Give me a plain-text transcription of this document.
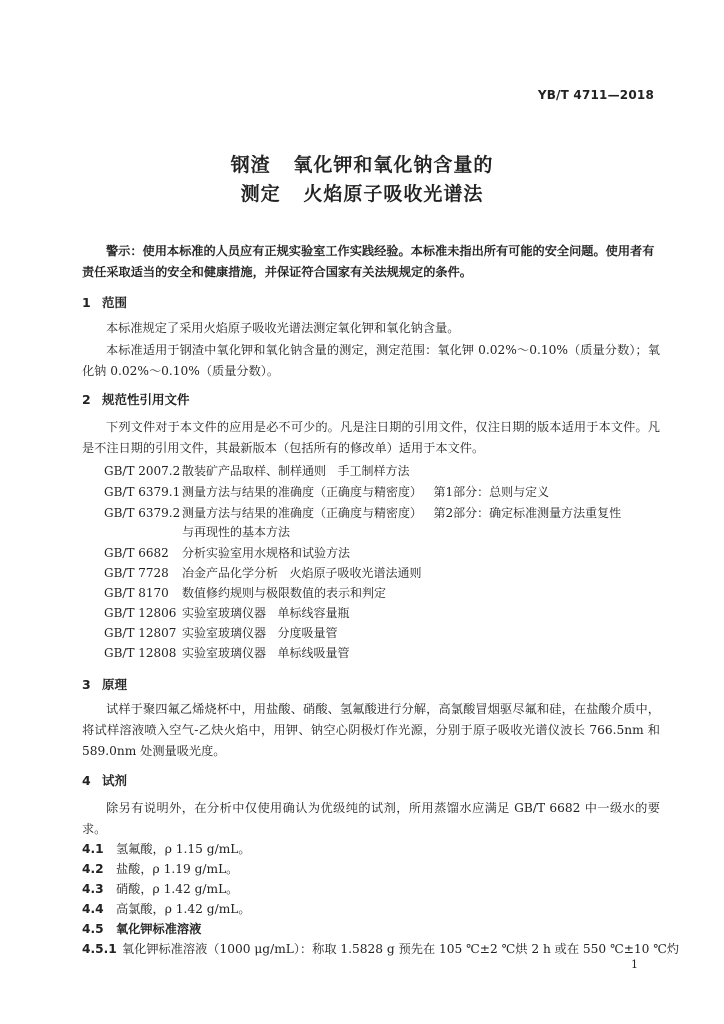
YB/T 4711—2018
钢渣   氧化钾和氧化钠含量的
测定   火焰原子吸收光谱法
警示：使用本标准的人员应有正规实验室工作实践经验。本标准未指出所有可能的安全问题。使用者有责任采取适当的安全和健康措施，并保证符合国家有关法规规定的条件。
1 范围
本标准规定了采用火焰原子吸收光谱法测定氧化钾和氧化钠含量。
本标准适用于钢渣中氧化钾和氧化钠含量的测定，测定范围：氧化钾 0.02%～0.10%（质量分数）；氧化钠 0.02%～0.10%（质量分数）。
2 规范性引用文件
下列文件对于本文件的应用是必不可少的。凡是注日期的引用文件，仅注日期的版本适用于本文件。凡是不注日期的引用文件，其最新版本（包括所有的修改单）适用于本文件。
GB/T 2007.2 散装矿产品取样、制样通则   手工制样方法
GB/T 6379.1 测量方法与结果的准确度（正确度与精密度）   第1部分：总则与定义
GB/T 6379.2 测量方法与结果的准确度（正确度与精密度）   第2部分：确定标准测量方法重复性
与再现性的基本方法
GB/T 6682 分析实验室用水规格和试验方法
GB/T 7728 冶金产品化学分析   火焰原子吸收光谱法通则
GB/T 8170 数值修约规则与极限数值的表示和判定
GB/T 12806 实验室玻璃仪器   单标线容量瓶
GB/T 12807 实验室玻璃仪器   分度吸量管
GB/T 12808 实验室玻璃仪器   单标线吸量管
3 原理
试样于聚四氟乙烯烧杯中，用盐酸、硝酸、氢氟酸进行分解，高氯酸冒烟驱尽氟和硅，在盐酸介质中，将试样溶液喷入空气-乙炔火焰中，用钾、钠空心阴极灯作光源，分别于原子吸收光谱仪波长 766.5nm 和 589.0nm 处测量吸光度。
4 试剂
除另有说明外，在分析中仅使用确认为优级纯的试剂，所用蒸馏水应满足 GB/T 6682 中一级水的要求。
4.1 氢氟酸，ρ 1.15 g/mL。
4.2 盐酸，ρ 1.19 g/mL。
4.3 硝酸，ρ 1.42 g/mL。
4.4 高氯酸，ρ 1.42 g/mL。
4.5 氧化钾标准溶液
4.5.1 氧化钾标准溶液（1000 μg/mL）：称取 1.5828 g 预先在 105 ℃±2 ℃烘 2 h 或在 550 ℃±10 ℃灼
1
